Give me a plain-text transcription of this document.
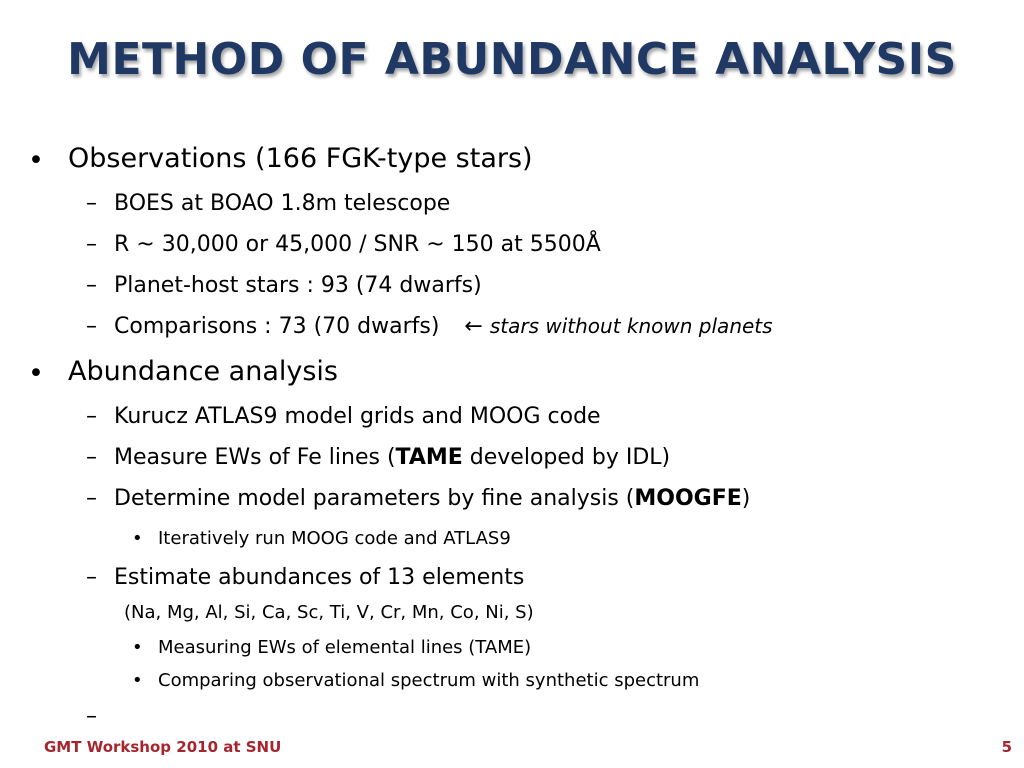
METHOD OF ABUNDANCE ANALYSIS
• Observations (166 FGK-type stars)
– BOES at BOAO 1.8m telescope
– R ~ 30,000 or 45,000 / SNR ~ 150 at 5500Å
– Planet-host stars : 93 (74 dwarfs)
– Comparisons : 73 (70 dwarfs) ← stars without known planets
• Abundance analysis
– Kurucz ATLAS9 model grids and MOOG code
– Measure EWs of Fe lines (TAME developed by IDL)
– Determine model parameters by fine analysis (MOOGFE)
• Iteratively run MOOG code and ATLAS9
– Estimate abundances of 13 elements
(Na, Mg, Al, Si, Ca, Sc, Ti, V, Cr, Mn, Co, Ni, S)
• Measuring EWs of elemental lines (TAME)
• Comparing observational spectrum with synthetic spectrum
–
GMT Workshop 2010 at SNU	5
